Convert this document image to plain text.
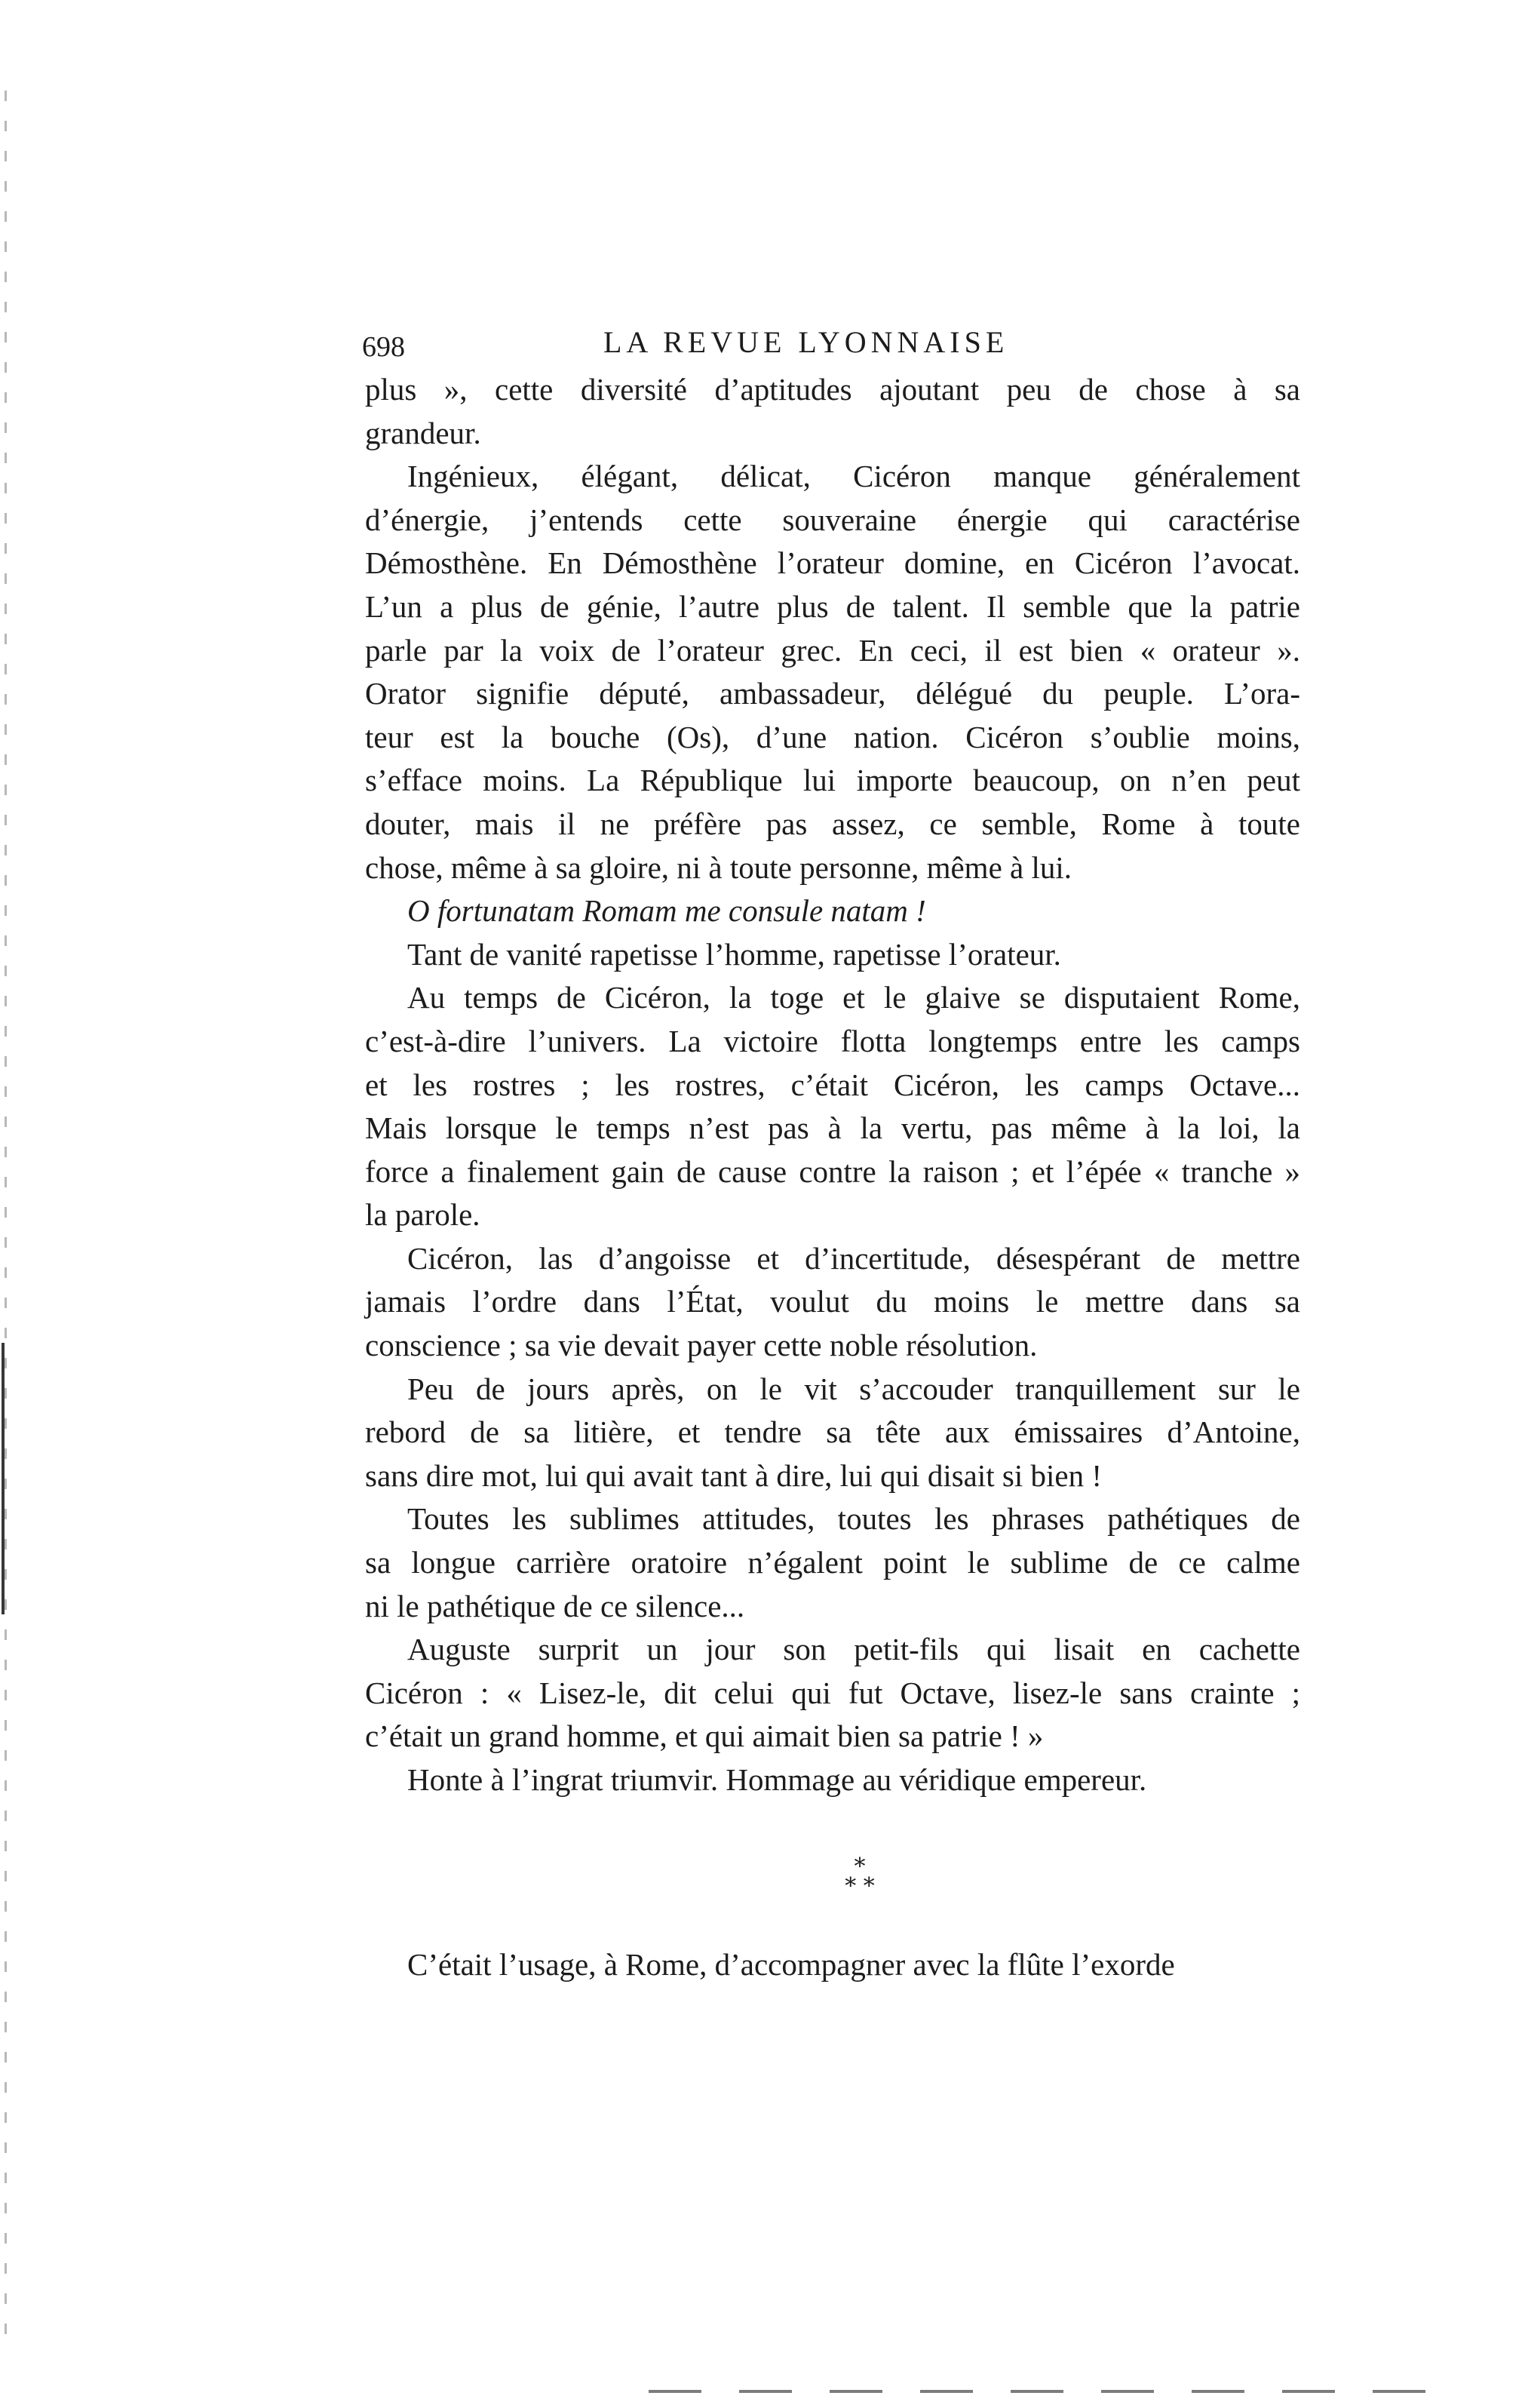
698	LA REVUE LYONNAISE
plus », cette diversité d’aptitudes ajoutant peu de chose à sa
grandeur.
Ingénieux, élégant, délicat, Cicéron manque généralement
d’énergie, j’entends cette souveraine énergie qui caractérise
Démosthène. En Démosthène l’orateur domine, en Cicéron l’avocat.
L’un a plus de génie, l’autre plus de talent. Il semble que la patrie
parle par la voix de l’orateur grec. En ceci, il est bien « orateur ».
Orator signifie député, ambassadeur, délégué du peuple. L’ora-
teur est la bouche (Os), d’une nation. Cicéron s’oublie moins,
s’efface moins. La République lui importe beaucoup, on n’en peut
douter, mais il ne préfère pas assez, ce semble, Rome à toute
chose, même à sa gloire, ni à toute personne, même à lui.
O fortunatam Romam me consule natam !
Tant de vanité rapetisse l’homme, rapetisse l’orateur.
Au temps de Cicéron, la toge et le glaive se disputaient Rome,
c’est-à-dire l’univers. La victoire flotta longtemps entre les camps
et les rostres ; les rostres, c’était Cicéron, les camps Octave...
Mais lorsque le temps n’est pas à la vertu, pas même à la loi, la
force a finalement gain de cause contre la raison ; et l’épée « tranche »
la parole.
Cicéron, las d’angoisse et d’incertitude, désespérant de mettre
jamais l’ordre dans l’État, voulut du moins le mettre dans sa
conscience ; sa vie devait payer cette noble résolution.
Peu de jours après, on le vit s’accouder tranquillement sur le
rebord de sa litière, et tendre sa tête aux émissaires d’Antoine,
sans dire mot, lui qui avait tant à dire, lui qui disait si bien !
Toutes les sublimes attitudes, toutes les phrases pathétiques de
sa longue carrière oratoire n’égalent point le sublime de ce calme
ni le pathétique de ce silence...
Auguste surprit un jour son petit-fils qui lisait en cachette
Cicéron : « Lisez-le, dit celui qui fut Octave, lisez-le sans crainte ;
c’était un grand homme, et qui aimait bien sa patrie ! »
Honte à l’ingrat triumvir. Hommage au véridique empereur.
*
* *
C’était l’usage, à Rome, d’accompagner avec la flûte l’exorde
